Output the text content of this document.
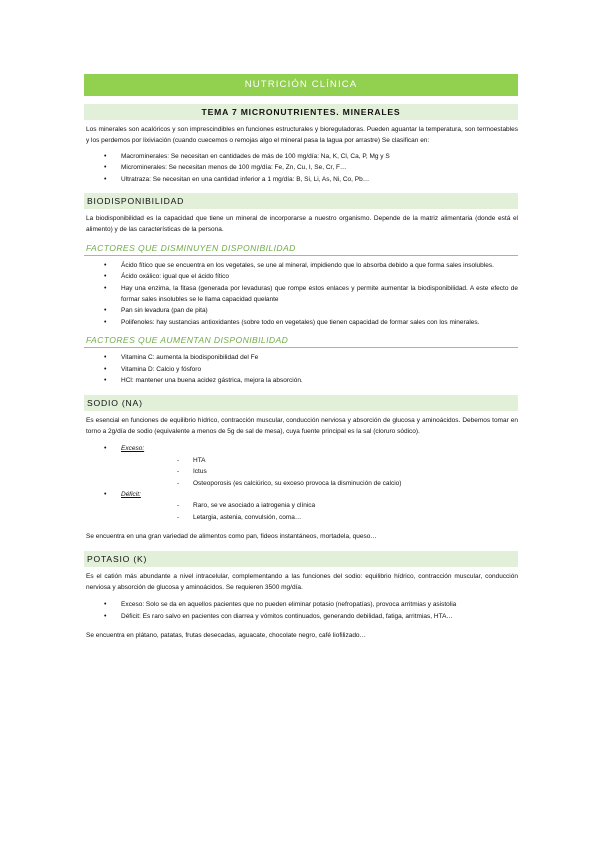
NUTRICIÓN CLÍNICA
TEMA 7 MICRONUTRIENTES. MINERALES

Los minerales son acalóricos y son imprescindibles en funciones estructurales y bioreguladoras. Pueden aguantar la temperatura, son termoestables y los perdemos por lixiviación (cuando cuecemos o remojas algo el mineral pasa la lagua por arrastre) Se clasifican en:

• Macrominerales: Se necesitan en cantidades de más de 100 mg/día: Na, K, Cl, Ca, P, Mg y S
• Microminerales: Se necesitan menos de 100 mg/día: Fe, Zn, Cu, I, Se, Cr, F…
• Ultratraza: Se necesitan en una cantidad inferior a 1 mg/día: B, Si, Li, As, Ni, Co, Pb…
BIODISPONIBILIDAD

La biodisponibilidad es la capacidad que tiene un mineral de incorporarse a nuestro organismo. Depende de la matriz alimentaria (donde está el alimento) y de las características de la persona.

FACTORES QUE DISMINUYEN DISPONIBILIDAD
• Ácido fítico que se encuentra en los vegetales, se une al mineral, impidiendo que lo absorba debido a que forma sales insolubles.
• Ácido oxálico: igual que el ácido fítico
• Hay una enzima, la fitasa (generada por levaduras) que rompe estos enlaces y permite aumentar la biodisponibilidad. A este efecto de formar sales insolubles se le llama capacidad quelante
• Pan sin levadura (pan de pita)
• Polifenoles: hay sustancias antioxidantes (sobre todo en vegetales) que tienen capacidad de formar sales con los minerales.
FACTORES QUE AUMENTAN DISPONIBILIDAD
• Vitamina C: aumenta la biodisponibilidad del Fe
• Vitamina D: Calcio y fósforo
• HCl: mantener una buena acidez gástrica, mejora la absorción.
SODIO (NA)

Es esencial en funciones de equilibrio hídrico, contracción muscular, conducción nerviosa y absorción de glucosa y aminoácidos. Debemos tomar en torno a 2g/día de sodio (equivalente a menos de 5g de sal de mesa), cuya fuente principal es la sal (cloruro sódico).

• Exceso:
- HTA
- Ictus
- Osteoporosis (es calciúrico, su exceso provoca la disminución de calcio)
• Déficit:
- Raro, se ve asociado a iatrogenia y clínica
- Letargia, astenia, convulsión, coma…

Se encuentra en una gran variedad de alimentos como pan, fideos instantáneos, mortadela, queso…

POTASIO (K)

Es el catión más abundante a nivel intracelular, complementando a las funciones del sodio: equilibrio hídrico, contracción muscular, conducción nerviosa y absorción de glucosa y aminoácidos. Se requieren 3500 mg/día.

• Exceso: Solo se da en aquellos pacientes que no pueden eliminar potasio (nefropatías), provoca arritmias y asistolia
• Déficit: Es raro salvo en pacientes con diarrea y vómitos continuados, generando debilidad, fatiga, arritmias, HTA…

Se encuentra en plátano, patatas, frutas desecadas, aguacate, chocolate negro, café liofilizado…
